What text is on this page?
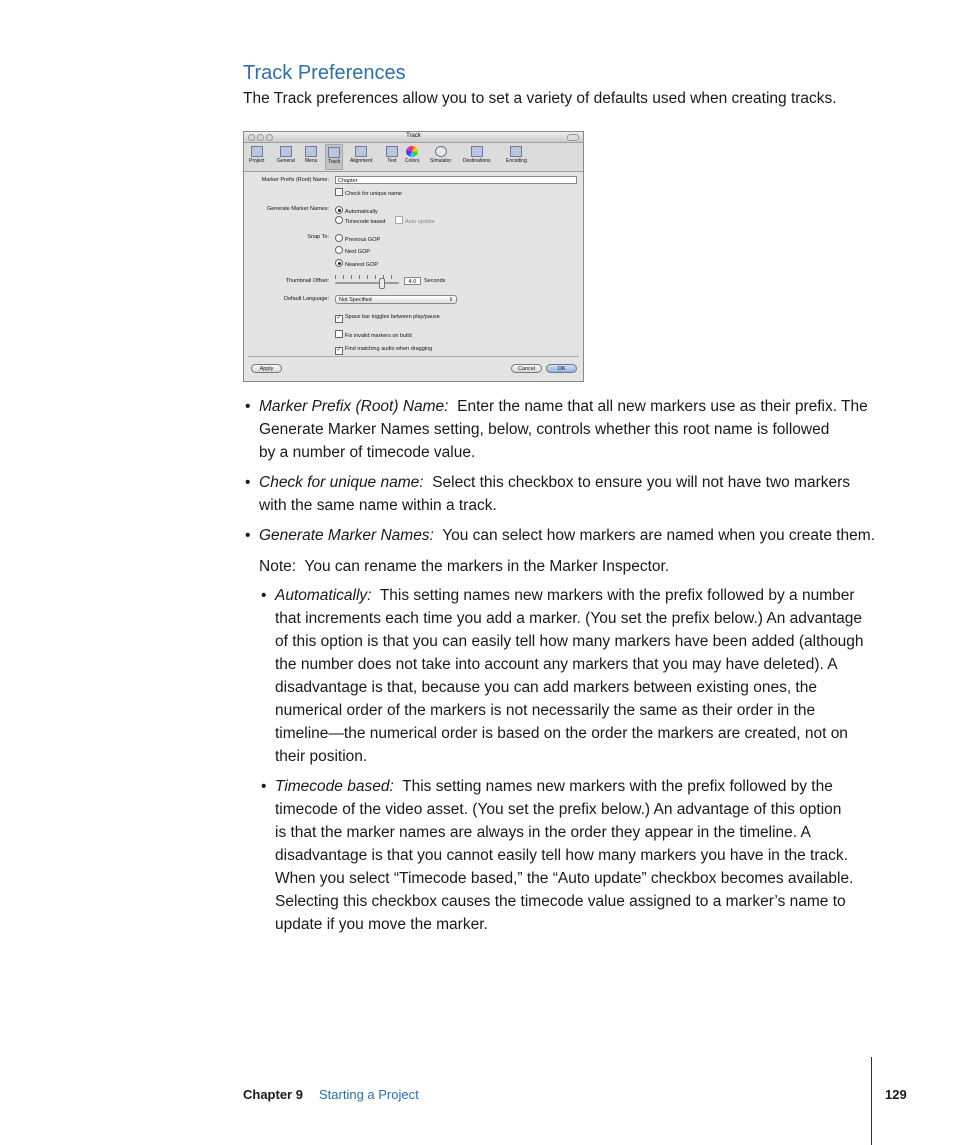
Track Preferences

The Track preferences allow you to set a variety of defaults used when creating tracks.

Track
Project General Menu	Track	Alignment	Text Colors Simulator Destinations	Encoding
Marker Prefix (Root) Name:	Chapter
Check for unique name
Generate Marker Names:	Automatically
Timecode based	Auto update
Snap To:	Previous GOP
Next GOP
Nearest GOP
Thumbnail Offset:	4.0	Seconds
Default Language:	Not Specified	⇕
✓ Space bar toggles between play/pause
Fix invalid markers on build
✓ Find matching audio when dragging
Apply	Cancel	OK
• Marker Prefix (Root) Name: Enter the name that all new markers use as their prefix. The

Generate Marker Names setting, below, controls whether this root name is followed

by a number of timecode value.

• Check for unique name: Select this checkbox to ensure you will not have two markers

with the same name within a track.

• Generate Marker Names: You can select how markers are named when you create them.

Note: You can rename the markers in the Marker Inspector.

• Automatically: This setting names new markers with the prefix followed by a number

that increments each time you add a marker. (You set the prefix below.) An advantage

of this option is that you can easily tell how many markers have been added (although

the number does not take into account any markers that you may have deleted). A

disadvantage is that, because you can add markers between existing ones, the

numerical order of the markers is not necessarily the same as their order in the

timeline—the numerical order is based on the order the markers are created, not on

their position.

• Timecode based: This setting names new markers with the prefix followed by the

timecode of the video asset. (You set the prefix below.) An advantage of this option

is that the marker names are always in the order they appear in the timeline. A

disadvantage is that you cannot easily tell how many markers you have in the track.

When you select “Timecode based,” the “Auto update” checkbox becomes available.

Selecting this checkbox causes the timecode value assigned to a marker’s name to

update if you move the marker.

Chapter 9 Starting a Project	129
